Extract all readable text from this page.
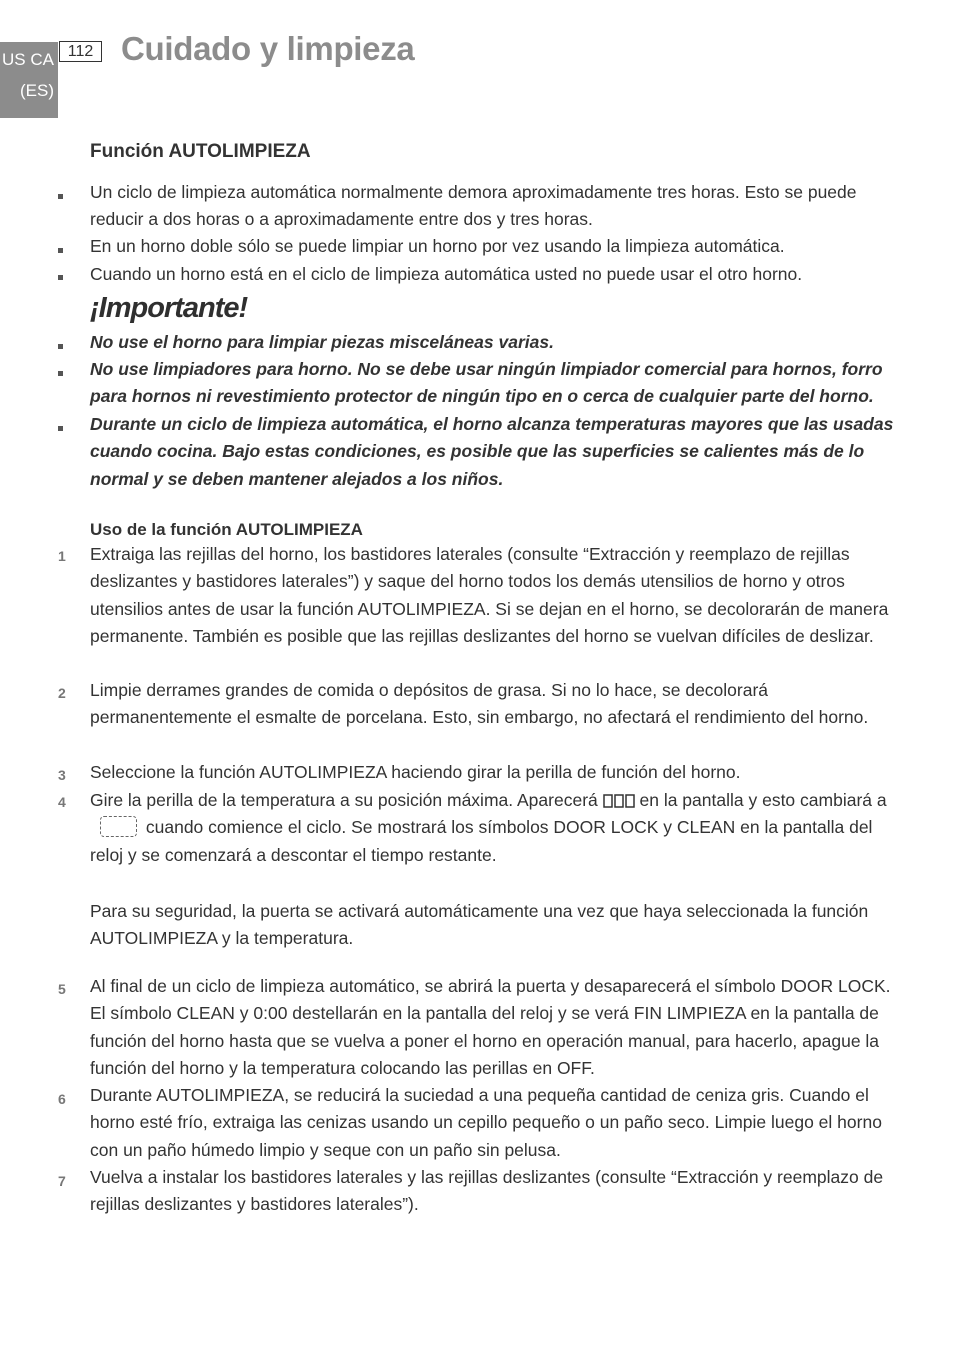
US CA
(ES)
112 Cuidado y limpieza
Función AUTOLIMPIEZA
Un ciclo de limpieza automática normalmente demora aproximadamente tres horas. Esto se puede reducir a dos horas o a aproximadamente entre dos y tres horas.
En un horno doble sólo se puede limpiar un horno por vez usando la limpieza automática.
Cuando un horno está en el ciclo de limpieza automática usted no puede usar el otro horno.
¡Importante!
No use el horno para limpiar piezas misceláneas varias.
No use limpiadores para horno. No se debe usar ningún limpiador comercial para hornos, forro para hornos ni revestimiento protector de ningún tipo en o cerca de cualquier parte del horno.
Durante un ciclo de limpieza automática, el horno alcanza temperaturas mayores que las usadas cuando cocina. Bajo estas condiciones, es posible que las superficies se calientes más de lo normal y se deben mantener alejados a los niños.
Uso de la función AUTOLIMPIEZA
1 Extraiga las rejillas del horno, los bastidores laterales (consulte “Extracción y reemplazo de rejillas deslizantes y bastidores laterales”) y saque del horno todos los demás utensilios de horno y otros utensilios antes de usar la función AUTOLIMPIEZA. Si se dejan en el horno, se decolorarán de manera permanente. También es posible que las rejillas deslizantes del horno se vuelvan difíciles de deslizar.
2 Limpie derrames grandes de comida o depósitos de grasa. Si no lo hace, se decolorará permanentemente el esmalte de porcelana. Esto, sin embargo, no afectará el rendimiento del horno.
3 Seleccione la función AUTOLIMPIEZA haciendo girar la perilla de función del horno.
4 Gire la perilla de la temperatura a su posición máxima. Aparecerá en la pantalla y esto cambiará a  cuando comience el ciclo. Se mostrará los símbolos DOOR LOCK y CLEAN en la pantalla del reloj y se comenzará a descontar el tiempo restante.
Para su seguridad, la puerta se activará automáticamente una vez que haya seleccionada la función AUTOLIMPIEZA y la temperatura.
5 Al final de un ciclo de limpieza automático, se abrirá la puerta y desaparecerá el símbolo DOOR LOCK. El símbolo CLEAN y 0:00 destellarán en la pantalla del reloj y se verá FIN LIMPIEZA en la pantalla de función del horno hasta que se vuelva a poner el horno en operación manual, para hacerlo, apague la función del horno y la temperatura colocando las perillas en OFF.
6 Durante AUTOLIMPIEZA, se reducirá la suciedad a una pequeña cantidad de ceniza gris. Cuando el horno esté frío, extraiga las cenizas usando un cepillo pequeño o un paño seco. Limpie luego el horno con un paño húmedo limpio y seque con un paño sin pelusa.
7 Vuelva a instalar los bastidores laterales y las rejillas deslizantes (consulte “Extracción y reemplazo de rejillas deslizantes y bastidores laterales”).
